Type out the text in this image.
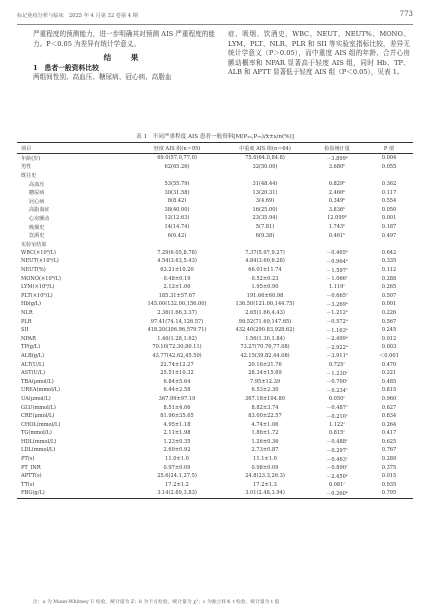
标记免疫分析与临床　2025 年 4 月第 32 卷第 4 期	773

严重程度的预测能力，进一步明确其对预测 AIS 严重程度的能力。P＜0.05 为差异有统计学意义。

结　果

1　患者一般资料比较

两组间性别、高血压、糖尿病、冠心病、高脂血

症、吸烟、饮酒史，WBC、NEUT、NEUT%、MONO、LYM、PLT、NLR、PLR 和 SII 等实验室指标比较，差异无统计学意义（P＞0.05），而中重度 AIS 组的年龄、合并心房颤动概率和 NPAR 显著高于轻度 AIS 组，同时 Hb、TP、ALB 和 APTT 显著低于轻度 AIS 组（P＜0.05），见表 1。

表 1　不同严重程度 AIS 患者一般资料[M(P₂₅,P₇₅)/x̄±s/n(%)]
项目	轻度 AIS 组(n＝95)	中重度 AIS 组(n＝64)	检验统计量	P 值
年龄(岁)	69.0(57.0,77.0)	75.0(64.0,84.8)	－3.899ᵃ	0.004
男性	62(65.26)	32(50.00)	3.680ᵇ	0.055
既往史				
高血压	53(55.79)	31(48.44)	0.829ᵇ	0.362
糖尿病	30(31.58)	13(20.31)	2.460ᵇ	0.117
冠心病	8(8.42)	3(4.69)	0.349ᵇ	0.554
高脂血症	38(40.00)	16(25.00)	3.836ᵇ	0.050
心房颤动	12(12.63)	23(35.94)	12.099ᵇ	0.001
吸烟史	14(14.74)	5(7.81)	1.743ᵇ	0.187
饮酒史	6(6.42)	6(9.38)	0.461ᵇ	0.497
实验室结果				
WBC(×10⁹/L)	7.29(6.05,8.78)	7.37(5.97,9.27)	－0.465ᵃ	0.642
NEUT(×10⁹/L)	4.54(3.63,5.43)	4.84(3.60,6.28)	－0.964ᵃ	0.335
NEUT(%)	63.21±10.20	66.01±11.74	－1.597ᶜ	0.112
MONO(×10⁹/L)	0.48±0.19	0.52±0.23	－1.066ᶜ	0.288
LYM(×10⁹/L)	2.12±1.06	1.95±0.90	1.119ᶜ	0.265
PLT(×10⁹/L)	185.31±57.67	191.66±60.98	－0.665ᶜ	0.507
Hb(g/L)	145.00(132.00,156.00)	136.50(121.00,144.75)	－3.269ᵃ	0.001
NLR	2.36(1.66,3.37)	2.65(1.66,4.43)	－1.212ᵃ	0.226
PLR	97.41(74.14,126.57)	99.52(71.69,147.65)	－0.572ᵃ	0.567
SII	418.20(306.96,579.71)	432.40(290.83,928.62)	－1.163ᵃ	0.245
NPAR	1.46(1.28,1.62)	1.56(1.30,1.84)	－2.499ᵃ	0.012
TP(g/L)	70.10(72.30,80.11)	73.27(70.76,77.08)	－2.922ᵃ	0.003
ALB(g/L)	43.77(42.62,45.50)	42.15(39.82,44.08)	－3.911ᵃ	＜0.001
ALT(U/L)	22.74±12.27	20.16±21.76	0.725ᶜ	0.470
AST(U/L)	25.51±10.32	28.34±15.69	－1.230ᶜ	0.221
TBA(μmol/L)	6.84±5.64	7.95±12.39	－0.700ᶜ	0.485
UREA(mmol/L)	6.44±2.58	6.53±2.30	－0.234ᶜ	0.815
UA(μmol/L)	367.99±97.19	367.18±104.80	0.050ᶜ	0.960
GLU(mmol/L)	8.51±4.06	8.82±3.74	－0.487ᶜ	0.627
CRE(μmol/L)	81.96±35.65	83.00±22.57	－0.210ᶜ	0.834
CHOL(mmol/L)	4.95±1.18	4.74±1.06	1.122ᶜ	0.264
TG(mmol/L)	2.11±1.98	1.86±1.72	0.815ᶜ	0.417
HDL(mmol/L)	1.23±0.35	1.26±0.36	－0.488ᶜ	0.625
LDL(mmol/L)	2.69±0.92	2.73±0.87	－0.297ᶜ	0.767
PT(s)	11.0±1.0	11.1±1.0	－0.463ᶜ	0.289
PT_INR	0.97±0.09	0.98±0.09	－0.890ᶜ	0.375
APTT(s)	25.6(24.1,27.5)	24.8(23.3,26.3)	－2.450ᵃ	0.015
TT(s)	17.2±1.2	17.2±1.3	0.081ᶜ	0.935
FBG(g/L)	3.14(2.69,3.83)	3.01(2.48,3.94)	－0.260ᵃ	0.795
注：a 为 Mann-Whitney U 检验，统计量为 Z；b 为卡方检验，统计量为 χ²；c 为独立样本 t 检验，统计量为 t 值
